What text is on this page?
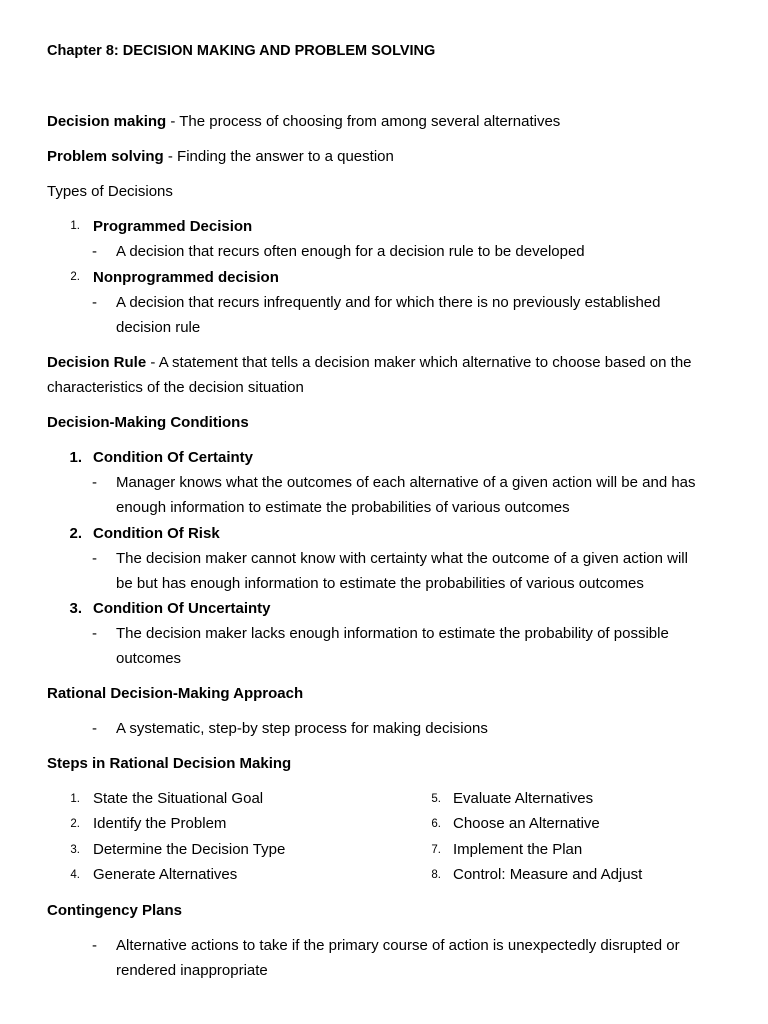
Chapter 8: DECISION MAKING AND PROBLEM SOLVING
Decision making - The process of choosing from among several alternatives
Problem solving - Finding the answer to a question
Types of Decisions
1. Programmed Decision
- A decision that recurs often enough for a decision rule to be developed
2. Nonprogrammed decision
- A decision that recurs infrequently and for which there is no previously established
decision rule
Decision Rule - A statement that tells a decision maker which alternative to choose based on the
characteristics of the decision situation
Decision-Making Conditions
1. Condition Of Certainty
- Manager knows what the outcomes of each alternative of a given action will be and has
enough information to estimate the probabilities of various outcomes
2. Condition Of Risk
- The decision maker cannot know with certainty what the outcome of a given action will
be but has enough information to estimate the probabilities of various outcomes
3. Condition Of Uncertainty
- The decision maker lacks enough information to estimate the probability of possible
outcomes
Rational Decision-Making Approach
- A systematic, step-by step process for making decisions
Steps in Rational Decision Making
1. State the Situational Goal
2. Identify the Problem
3. Determine the Decision Type
4. Generate Alternatives
5. Evaluate Alternatives
6. Choose an Alternative
7. Implement the Plan
8. Control: Measure and Adjust
Contingency Plans
- Alternative actions to take if the primary course of action is unexpectedly disrupted or
rendered inappropriate
